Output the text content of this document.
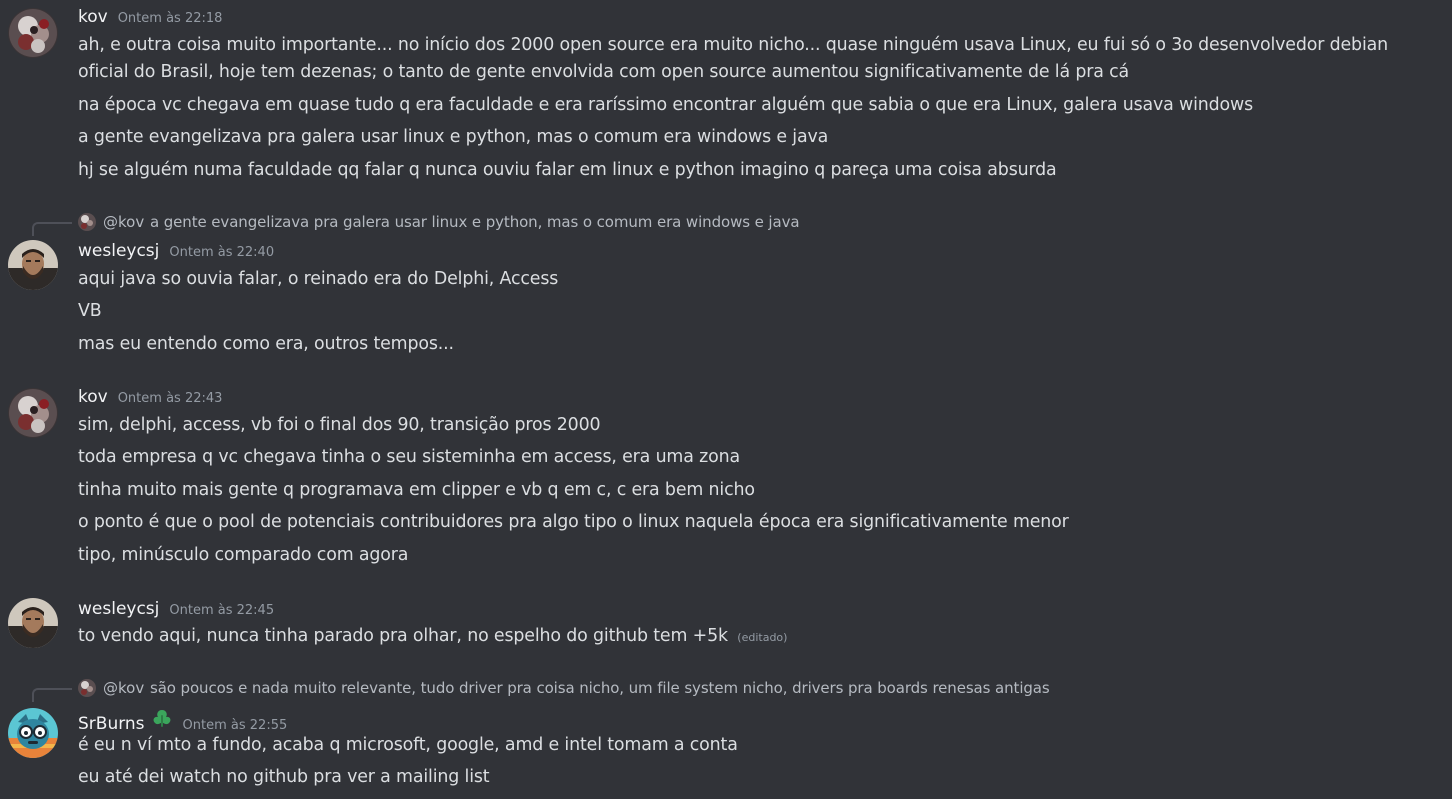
kov Ontem às 22:18
ah, e outra coisa muito importante... no início dos 2000 open source era muito nicho... quase ninguém usava Linux, eu fui só o 3o desenvolvedor debian oficial do Brasil, hoje tem dezenas; o tanto de gente envolvida com open source aumentou significativamente de lá pra cá
na época vc chegava em quase tudo q era faculdade e era raríssimo encontrar alguém que sabia o que era Linux, galera usava windows
a gente evangelizava pra galera usar linux e python, mas o comum era windows e java
hj se alguém numa faculdade qq falar q nunca ouviu falar em linux e python imagino q pareça uma coisa absurda
@kov a gente evangelizava pra galera usar linux e python, mas o comum era windows e java
wesleycsj Ontem às 22:40
aqui java so ouvia falar, o reinado era do Delphi, Access
VB
mas eu entendo como era, outros tempos...
kov Ontem às 22:43
sim, delphi, access, vb foi o final dos 90, transição pros 2000
toda empresa q vc chegava tinha o seu sisteminha em access, era uma zona
tinha muito mais gente q programava em clipper e vb q em c, c era bem nicho
o ponto é que o pool de potenciais contribuidores pra algo tipo o linux naquela época era significativamente menor
tipo, minúsculo comparado com agora
wesleycsj Ontem às 22:45
to vendo aqui, nunca tinha parado pra olhar, no espelho do github tem +5k (editado)
@kov são poucos e nada muito relevante, tudo driver pra coisa nicho, um file system nicho, drivers pra boards renesas antigas
SrBurns	Ontem às 22:55
é eu n ví mto a fundo, acaba q microsoft, google, amd e intel tomam a conta
eu até dei watch no github pra ver a mailing list
